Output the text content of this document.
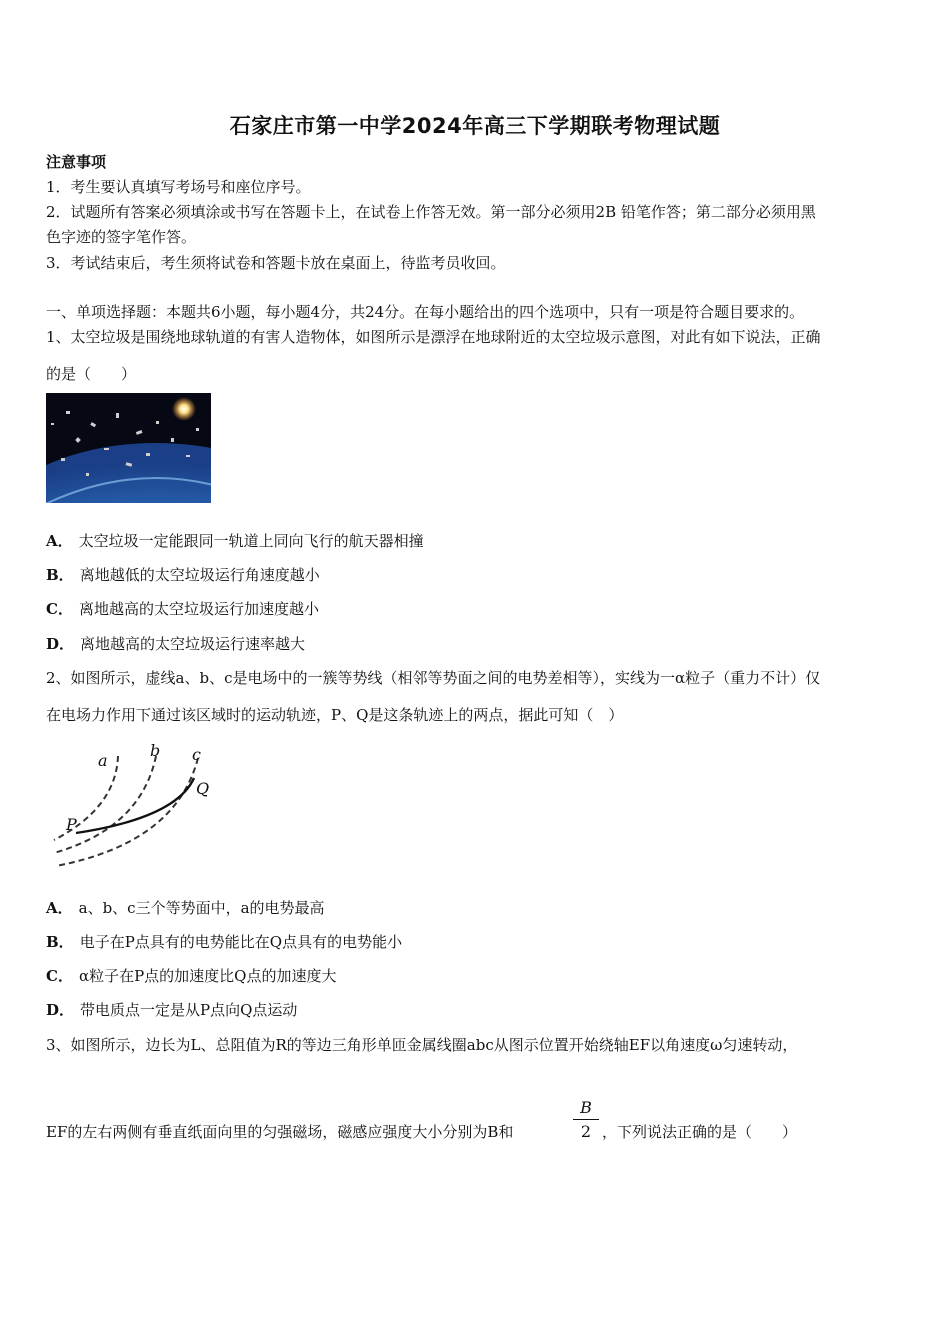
石家庄市第一中学2024年高三下学期联考物理试题
注意事项
1．考生要认真填写考场号和座位序号。
2．试题所有答案必须填涂或书写在答题卡上，在试卷上作答无效。第一部分必须用2B 铅笔作答；第二部分必须用黑
色字迹的签字笔作答。
3．考试结束后，考生须将试卷和答题卡放在桌面上，待监考员收回。
一、单项选择题：本题共6小题，每小题4分，共24分。在每小题给出的四个选项中，只有一项是符合题目要求的。
1、太空垃圾是围绕地球轨道的有害人造物体，如图所示是漂浮在地球附近的太空垃圾示意图，对此有如下说法，正确
的是（　　）
A． 太空垃圾一定能跟同一轨道上同向飞行的航天器相撞
B． 离地越低的太空垃圾运行角速度越小
C． 离地越高的太空垃圾运行加速度越小
D． 离地越高的太空垃圾运行速率越大
2、如图所示，虚线a、b、c是电场中的一簇等势线（相邻等势面之间的电势差相等），实线为一α粒子（重力不计）仅
在电场力作用下通过该区域时的运动轨迹，P、Q是这条轨迹上的两点，据此可知（　）
a
b c
P
Q
A． a、b、c三个等势面中，a的电势最高
B． 电子在P点具有的电势能比在Q点具有的电势能小
C． α粒子在P点的加速度比Q点的加速度大
D． 带电质点一定是从P点向Q点运动
3、如图所示，边长为L、总阻值为R的等边三角形单匝金属线圈abc从图示位置开始绕轴EF以角速度ω匀速转动，
EF的左右两侧有垂直纸面向里的匀强磁场，磁感应强度大小分别为B和
B
2 ，下列说法正确的是（　　）
